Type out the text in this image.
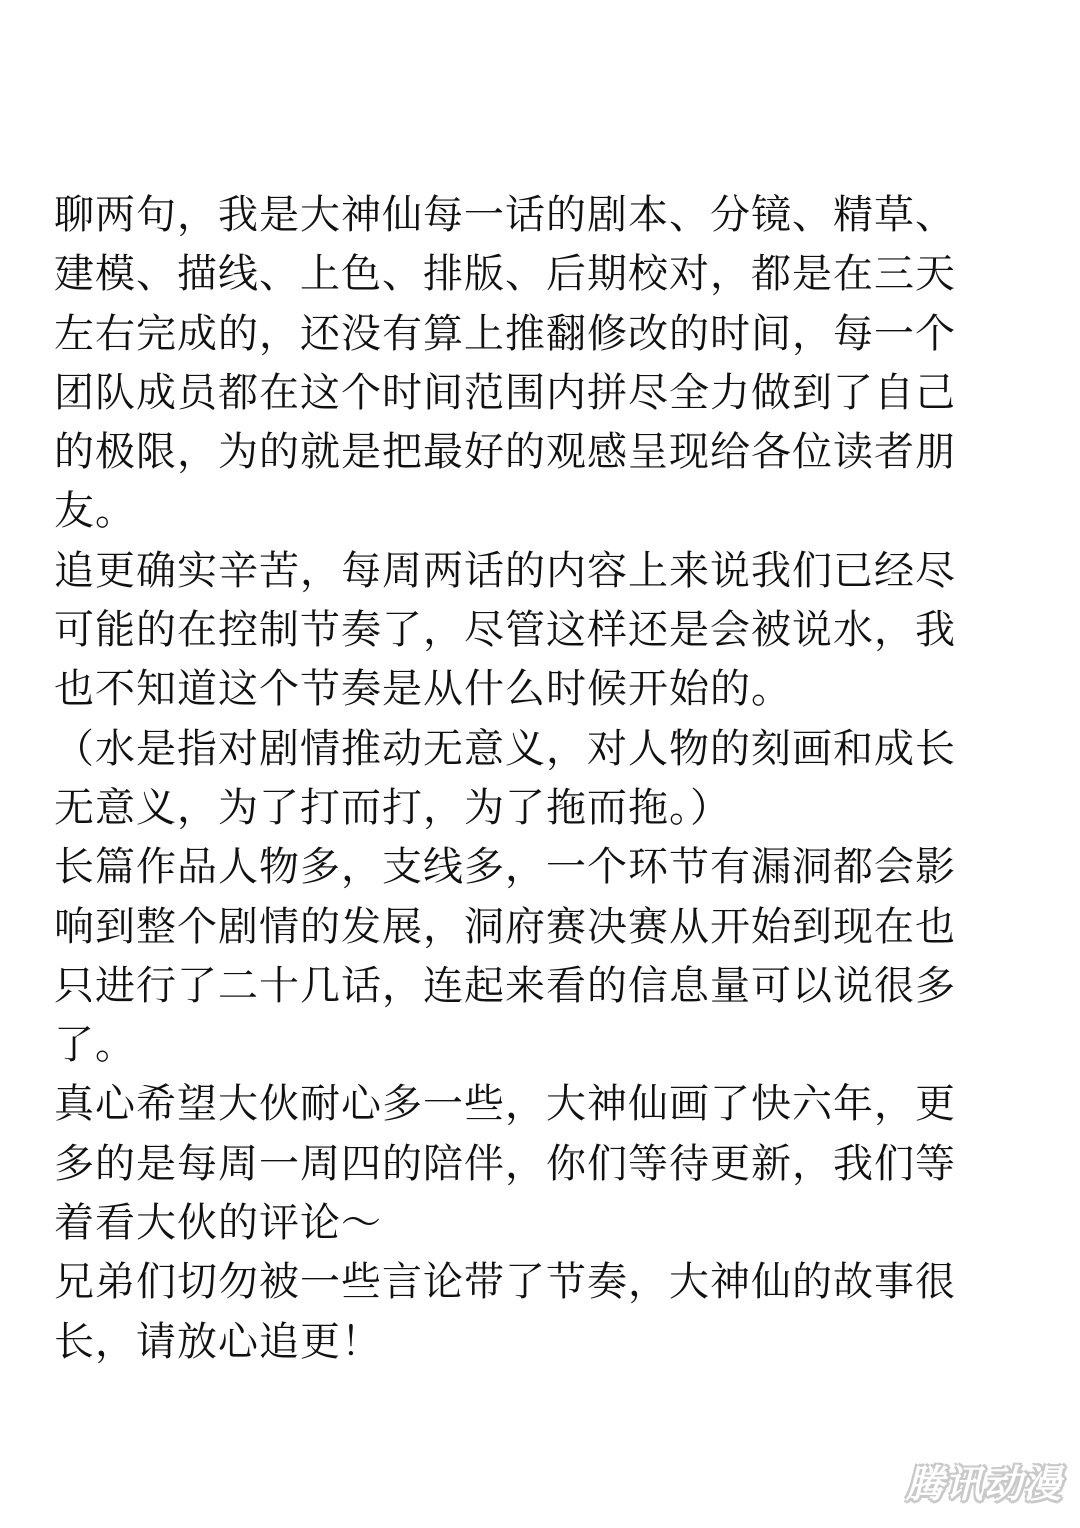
聊两句，我是大神仙每一话的剧本、分镜、精草、
建模、描线、上色、排版、后期校对，都是在三天
左右完成的，还没有算上推翻修改的时间，每一个
团队成员都在这个时间范围内拼尽全力做到了自己
的极限，为的就是把最好的观感呈现给各位读者朋
友。

追更确实辛苦，每周两话的内容上来说我们已经尽
可能的在控制节奏了，尽管这样还是会被说水，我
也不知道这个节奏是从什么时候开始的。

（水是指对剧情推动无意义，对人物的刻画和成长
无意义，为了打而打，为了拖而拖。）

长篇作品人物多，支线多，一个环节有漏洞都会影
响到整个剧情的发展，洞府赛决赛从开始到现在也
只进行了二十几话，连起来看的信息量可以说很多
了。

真心希望大伙耐心多一些，大神仙画了快六年，更
多的是每周一周四的陪伴，你们等待更新，我们等
着看大伙的评论～

兄弟们切勿被一些言论带了节奏，大神仙的故事很
长，请放心追更！

腾讯动漫
